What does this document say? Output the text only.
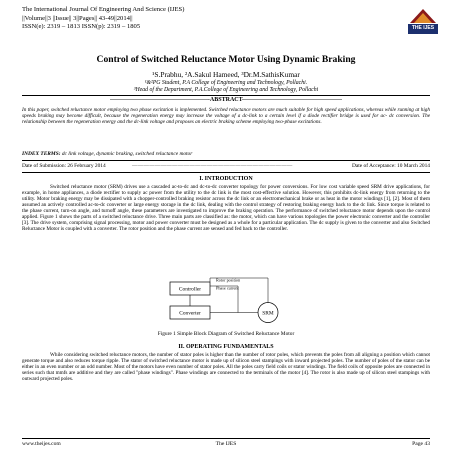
The International Journal Of Engineering And Science (IJES)
||Volume||3 ||Issue|| 3||Pages|| 43-49||2014||
ISSN(e): 2319 – 1813 ISSN(p): 2319 – 1805	THE IJES
Control of Switched Reluctance Motor Using Dynamic Braking
¹S.Prabhu, ²A.Sakul Hameed, ³Dr.M.SathisKumar
¹&²PG Student, P.A College of Engineering and Technology, Pollachi.
³Head of the Department, P.A.College of Engineering and Technology, Pollachi
--------------------------------------------------ABSTRACT--------------------------------------------------
In this paper, switched reluctance motor employing two phase excitation is implemented. Switched reluctance motors are much suitable for high speed applications, whereas while running at high speeds braking may become difficult, because the regeneration energy may increase the voltage of a dc-link to a certain level if a diode rectifier bridge is used for ac- dc conversion. The relationship between the regeneration energy and the dc-link voltage and proposes an electric braking scheme employing two-phase excitations.
INDEX TERMS: dc link voltage, dynamic braking, switched reluctance motor
Date of Submission: 26 February 2014	— — — — — — — — — — — — — — — — — — — — — — — — — — — —	Date of Acceptance: 10 March 2014
I. INTRODUCTION
Switched reluctance motor (SRM) drives use a cascaded ac-to-dc and dc-to-dc converter topology for power conversions. For low cost variable speed SRM drive applications, for example, in home appliances, a diode rectifier to supply ac power from the utility to the dc link is the most cost-effective solution. However, this prohibits dc-link energy from returning to the utility. Motor braking energy may be dissipated with a chopper-controlled braking resistor across the dc link or an electromechanical brake or as heat in the motor windings [1], [2]. Most of them assumed an actively controlled ac-to-dc converter or large energy storage in the dc link, dealing with the control strategy of restoring braking energy back to the dc link. Since torque is related to the phase current, turn-on angle, and turnoff angle, these parameters are investigated to improve the braking operation. The performance of switched reluctance motor depends upon the control applied. Figure 1 shows the parts of a switched reluctance drive. Three main parts are classified as: the motor, which can have various topologies the power electronic converter and the controller [3]. The drive system, comprising signal processing, motor and power converter must be designed as a whole for a particular application. The dc supply is given to the converter and also Switched Reluctance Motor is coupled with a converter. The rotor position and the phase current are sensed and fed back to the controller.
Controller
Converter	SRM
Rotor position
Phase current
Figure 1 Simple Block Diagram of Switched Reluctance Motor
II. OPERATING FUNDAMENTALS
While considering switched reluctance motors, the number of stator poles is higher than the number of rotor poles, which prevents the poles from all aligning a position which cannot generate torque and also reduces torque ripple. The stator of switched reluctance motor is made up of silicon steel stampings with inward projected poles. The number of poles of the stator can be either in an even number or an odd number. Most of the motors have even number of stator poles. All the poles carry field coils or stator windings. The field coils of opposite poles are connected in series such that mmfs are additive and they are called "phase windings". Phase windings are connected to the terminals of the motor [4]. The rotor is also made up of silicon steel stampings with outward projected poles.
www.theijes.com	The IJES	Page 43
